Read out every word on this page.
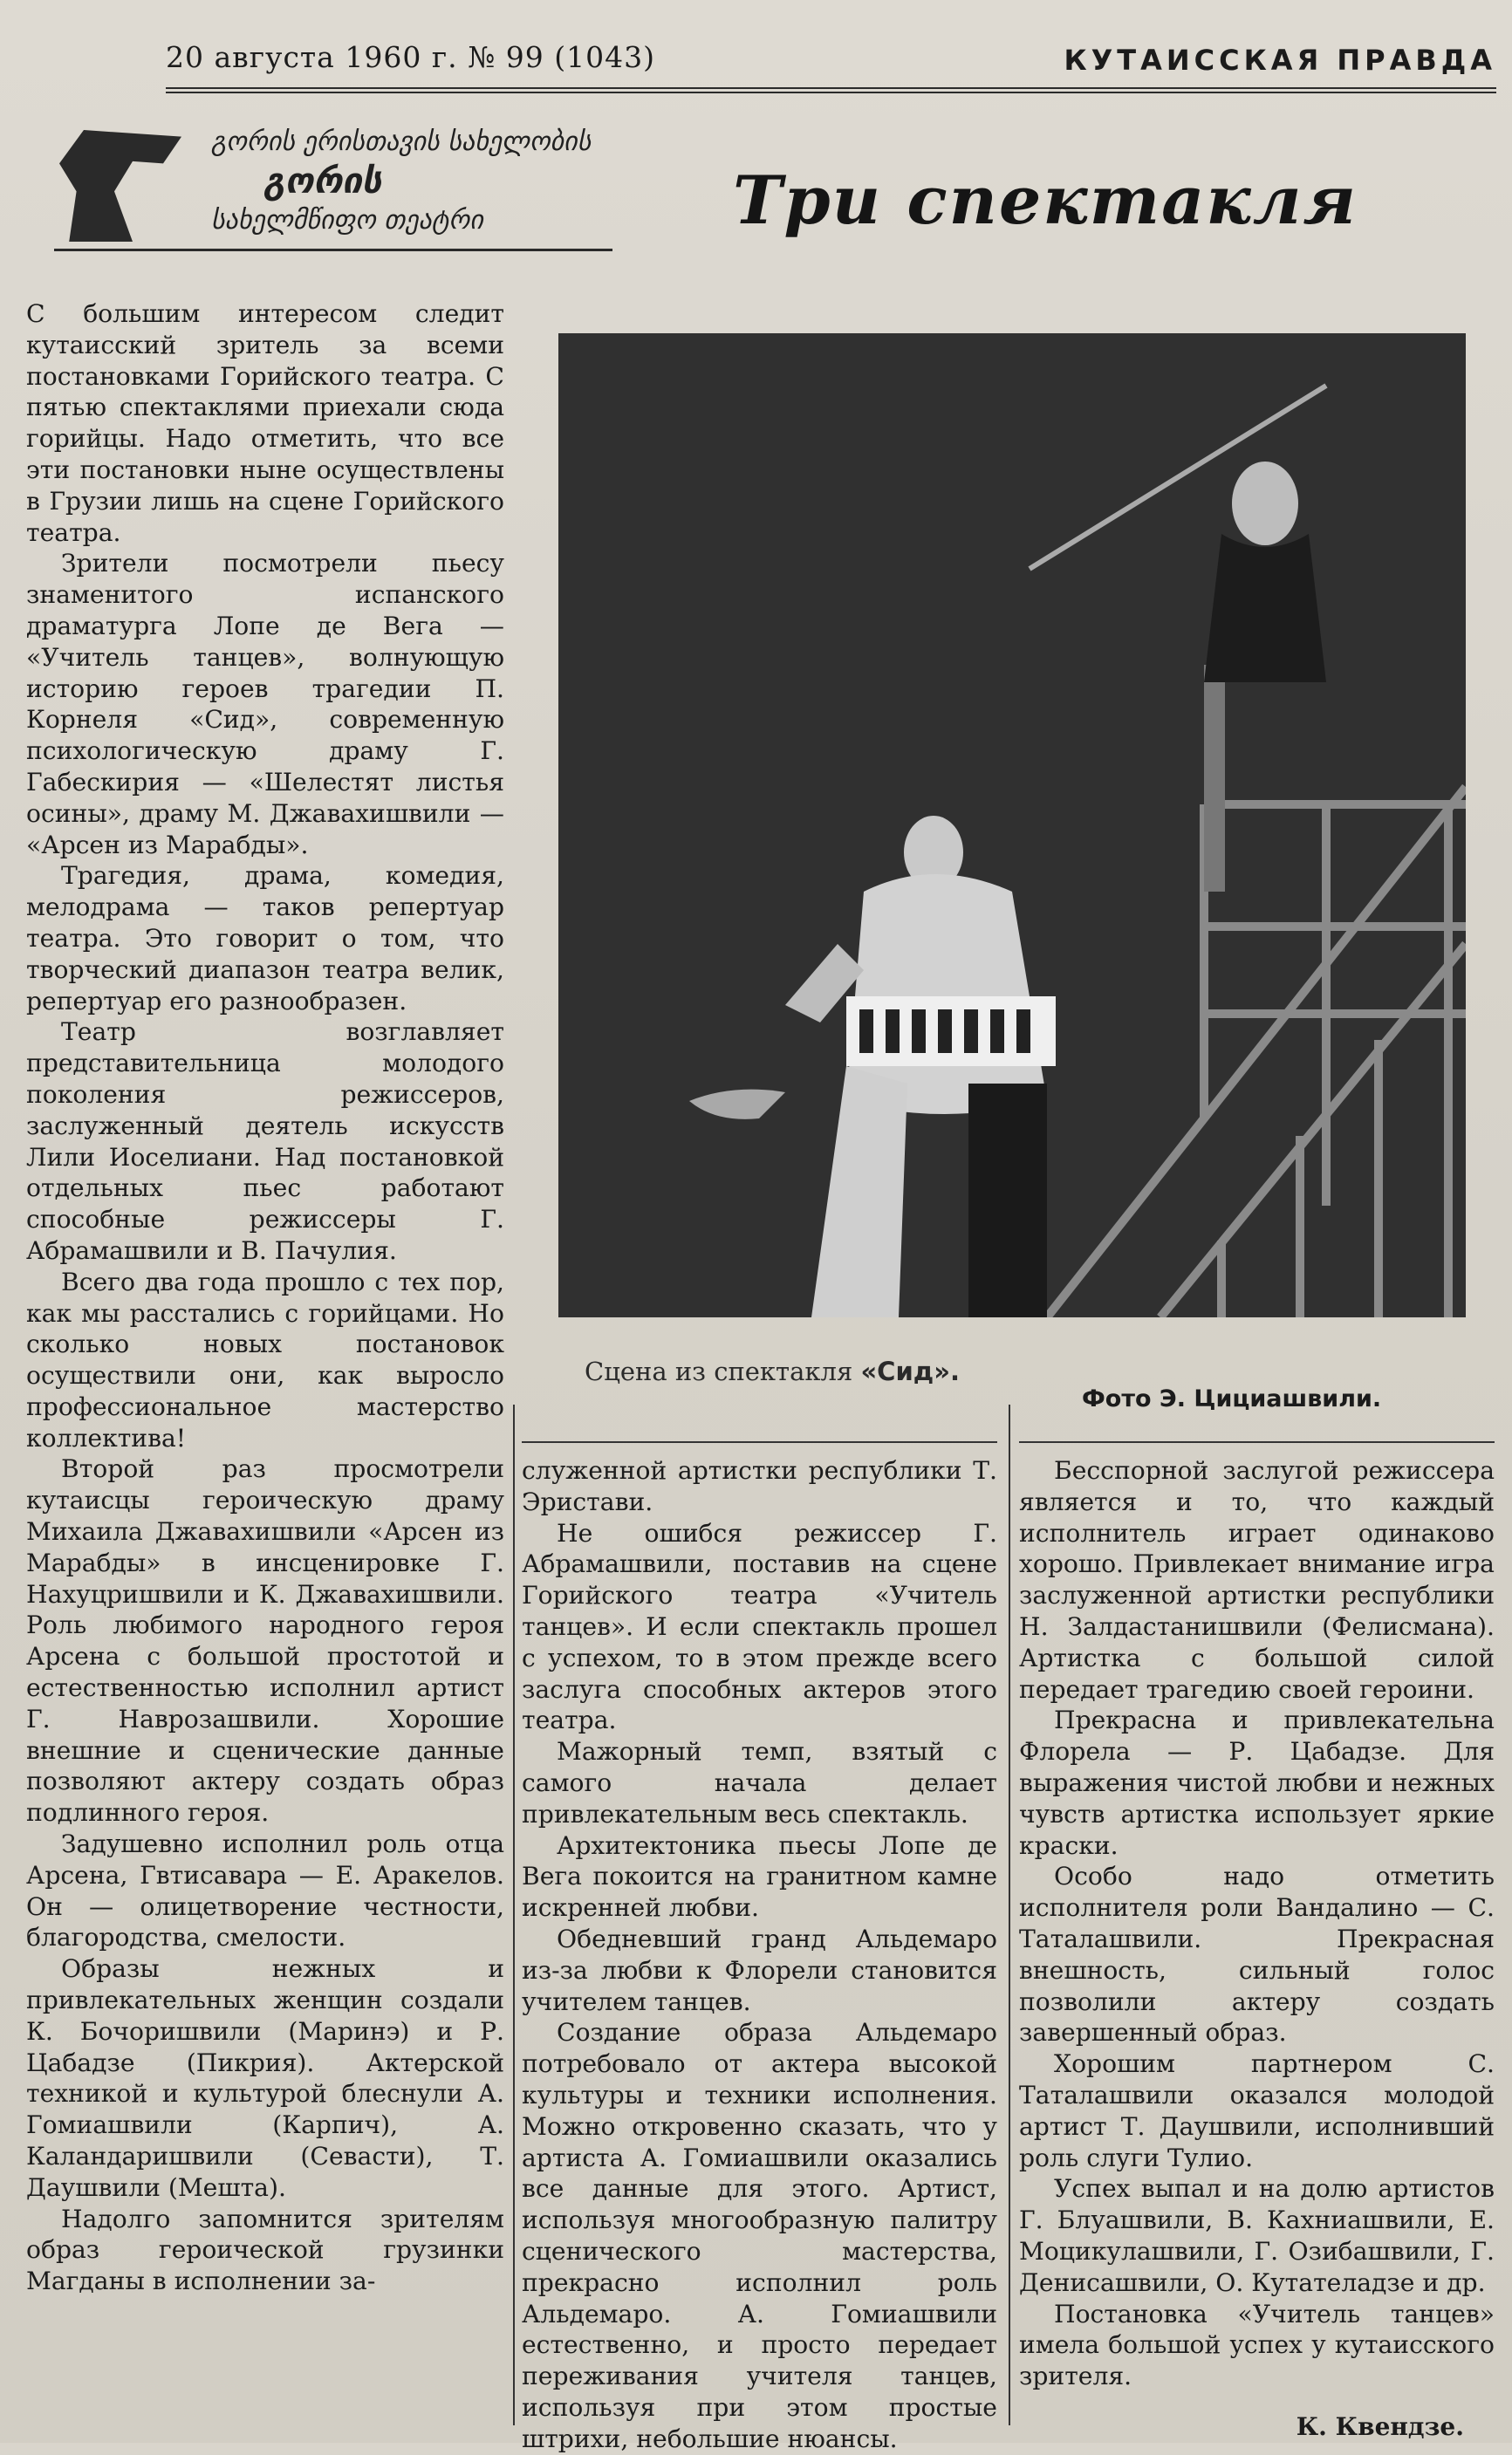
20 августа 1960 г. № 99 (1043)	КУТАИССКАЯ ПРАВДА
გორის ერისთავის სახელობის
გორის
სახელმწიფო თეატრი	Три спектакля
Сцена из спектакля «Сид».
Фото Э. Цициашвили.

С большим интересом следит кутаисский зритель за всеми постановками Горийского театра. С пятью спектаклями приехали сюда горийцы. Надо отметить, что все эти постановки ныне осуществлены в Грузии лишь на сцене Горийского театра.

Зрители посмотрели пьесу знаменитого испанского драматурга Лопе де Вега — «Учитель танцев», волнующую историю героев трагедии П. Корнеля «Сид», современную психологическую драму Г. Габескирия — «Шелестят листья осины», драму М. Джавахишвили — «Арсен из Марабды».

Трагедия, драма, комедия, мелодрама — таков репертуар театра. Это говорит о том, что творческий диапазон театра велик, репертуар его разнообразен.

Театр возглавляет представительница молодого поколения режиссеров, заслуженный деятель искусств Лили Иоселиани. Над постановкой отдельных пьес работают способные режиссеры Г. Абрамашвили и В. Пачулия.

Всего два года прошло с тех пор, как мы расстались с горийцами. Но сколько новых постановок осуществили они, как выросло профессиональное мастерство коллектива!

Второй раз просмотрели кутаисцы героическую драму Михаила Джавахишвили «Арсен из Марабды» в инсценировке Г. Нахуцришвили и К. Джавахишвили. Роль любимого народного героя Арсена с большой простотой и естественностью исполнил артист Г. Наврозашвили. Хорошие внешние и сценические данные позволяют актеру создать образ подлинного героя.

Задушевно исполнил роль отца Арсена, Гвтисавара — Е. Аракелов. Он — олицетворение честности, благородства, смелости.

Образы нежных и привлекательных женщин создали К. Бочоришвили (Маринэ) и Р. Цабадзе (Пикрия). Актерской техникой и культурой блеснули А. Гомиашвили (Карпич), А. Каландаришвили (Севасти), Т. Даушвили (Мешта).

Надолго запомнится зрителям образ героической грузинки Магданы в исполнении за-

служенной артистки республики Т. Эристави.

Не ошибся режиссер Г. Абрамашвили, поставив на сцене Горийского театра «Учитель танцев». И если спектакль прошел с успехом, то в этом прежде всего заслуга способных актеров этого театра.

Мажорный темп, взятый с самого начала делает привлекательным весь спектакль.

Архитектоника пьесы Лопе де Вега покоится на гранитном камне искренней любви.

Обедневший гранд Альдемаро из-за любви к Флорели становится учителем танцев.

Создание образа Альдемаро потребовало от актера высокой культуры и техники исполнения. Можно откровенно сказать, что у артиста А. Гомиашвили оказались все данные для этого. Артист, используя многообразную палитру сценического мастерства, прекрасно исполнил роль Альдемаро. А. Гомиашвили естественно, и просто передает переживания учителя танцев, используя при этом простые штрихи, небольшие нюансы.

Бесспорной заслугой режиссера является и то, что каждый исполнитель играет одинаково хорошо. Привлекает внимание игра заслуженной артистки республики Н. Залдастанишвили (Фелисмана). Артистка с большой силой передает трагедию своей героини.

Прекрасна и привлекательна Флорела — Р. Цабадзе. Для выражения чистой любви и нежных чувств артистка использует яркие краски.

Особо надо отметить исполнителя роли Вандалино — С. Таталашвили. Прекрасная внешность, сильный голос позволили актеру создать завершенный образ.

Хорошим партнером С. Таталашвили оказался молодой артист Т. Даушвили, исполнивший роль слуги Тулио.

Успех выпал и на долю артистов Г. Блуашвили, В. Кахниашвили, Е. Моцикулашвили, Г. Озибашвили, Г. Денисашвили, О. Кутателадзе и др.

Постановка «Учитель танцев» имела большой успех у кутаисского зрителя.

К. Квендзе.
